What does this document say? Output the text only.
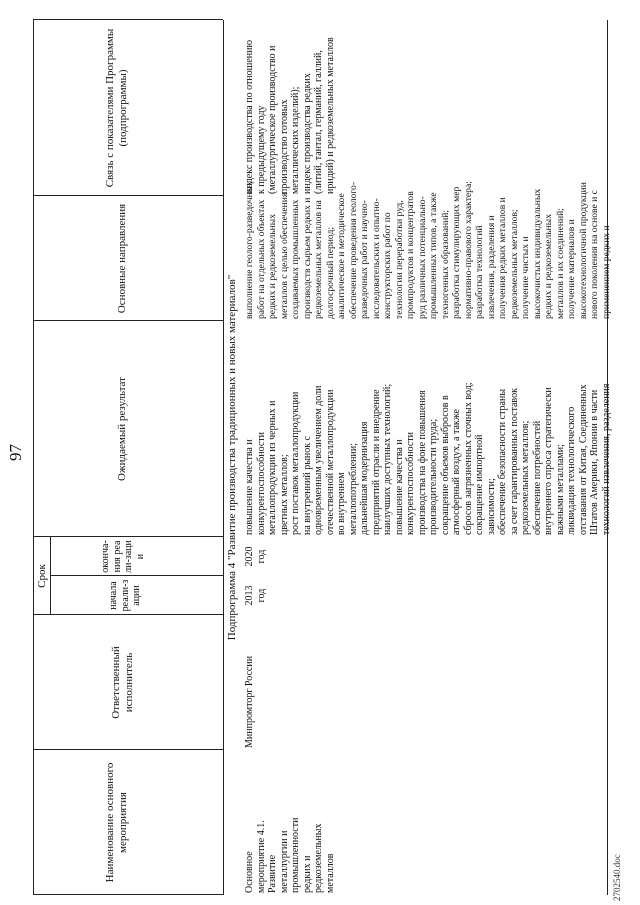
97
Наименование основного мероприятия
Ответственный исполнитель
Срок
начала реали-зации
оконча-ния реали-зации
Ожидаемый результат
Основные направления
Связь с показателями Программы (подпрограммы)
Подпрограмма 4 "Развитие производства традиционных и новых материалов"
Основное мероприятие 4.1. Развитие металлургии и промышленности редких и редкоземельных металлов
Минпромторг России
2013 год
2020 год
повышение качества и конкурентоспособности металлопродукции из черных и цветных металлов; рост поставок металлопродукции на внутренний рынок с одновременным увеличением доли отечественной металлопродукции во внутреннем металлопотреблении; дальнейшая модернизация предприятий отрасли и внедрение наилучших доступных технологий; повышение качества и конкурентоспособности производства на фоне повышения производительности труда; сокращение объемов выбросов в атмосферный воздух, а также сбросов загрязненных сточных вод; сокращение импортной зависимости; обеспечение безопасности страны за счет гарантированных поставок редкоземельных металлов; обеспечение потребностей внутреннего спроса стратегически важными металлами; ликвидация технологического отставания от Китая, Соединенных Штатов Америки, Японии в части технологий извлечения, разделения
выполнение геолого-разведочных работ на отдельных объектах редких и редкоземельных металлов с целью обеспечения создаваемых промышленных производств сырьем редких и редкоземельных металлов на долгосрочный период; аналитическое и методическое обеспечение проведения геолого- разведочных работ и научно- исследовательских и опытно- конструкторских работ по технологии переработки руд, промпродуктов и концентратов руд различных потенциально- промышленных типов, а также техногенных образований; разработка стимулирующих мер нормативно-правового характера; разработка технологий извлечения, разделения и получения редких металлов и редкоземельных металлов; получение чистых и высокочистых индивидуальных редких и редкоземельных металлов и их соединений; получение материалов и высокотехнологичной продукции нового поколения на основе и с применением редких и
индекс производства по отношению к предыдущему году (металлургическое производство и производство готовых металлических изделий); индекс производства редких (литий, тантал, германий, галлий, иридий) и редкоземельных металлов
2702540.doc
